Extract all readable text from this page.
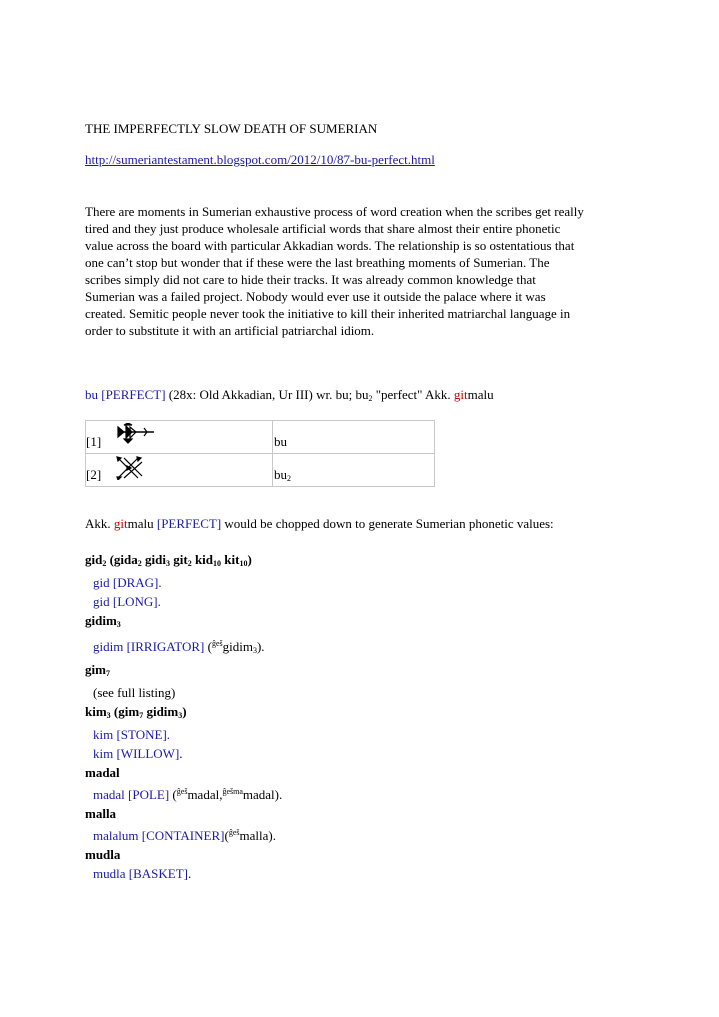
THE IMPERFECTLY SLOW DEATH OF SUMERIAN
http://sumeriantestament.blogspot.com/2012/10/87-bu-perfect.html
There are moments in Sumerian exhaustive process of word creation when the scribes get really
tired and they just produce wholesale artificial words that share almost their entire phonetic
value across the board with particular Akkadian words. The relationship is so ostentatious that
one can’t stop but wonder that if these were the last breathing moments of Sumerian. The
scribes simply did not care to hide their tracks. It was already common knowledge that
Sumerian was a failed project. Nobody would ever use it outside the palace where it was
created. Semitic people never took the initiative to kill their inherited matriarchal language in
order to substitute it with an artificial patriarchal idiom.
bu [PERFECT] (28x: Old Akkadian, Ur III) wr. bu; $bu_2$ "perfect" Akk. gitmalu
[1]	bu
[2]	$bu_2$
Akk. gitmalu [PERFECT] would be chopped down to generate Sumerian phonetic values:
gid$_2$ (gida$_2$ gidi$_3$ git$_2$ kid$_{10}$ kit$_{10}$)
gid [DRAG].
gid [LONG].
gidim$_3$
gidim [IRRIGATOR] ($^{ĝeš}$gidim$_3$).
gim$_7$
(see full listing)
kim$_3$ (gim$_7$ gidim$_3$)
kim [STONE].
kim [WILLOW].
madal
madal [POLE] ($^{ĝeš}$madal,$^{ĝešma}$madal).
malla
malalum [CONTAINER]($^{ĝeš}$malla).
mudla
mudla [BASKET].
